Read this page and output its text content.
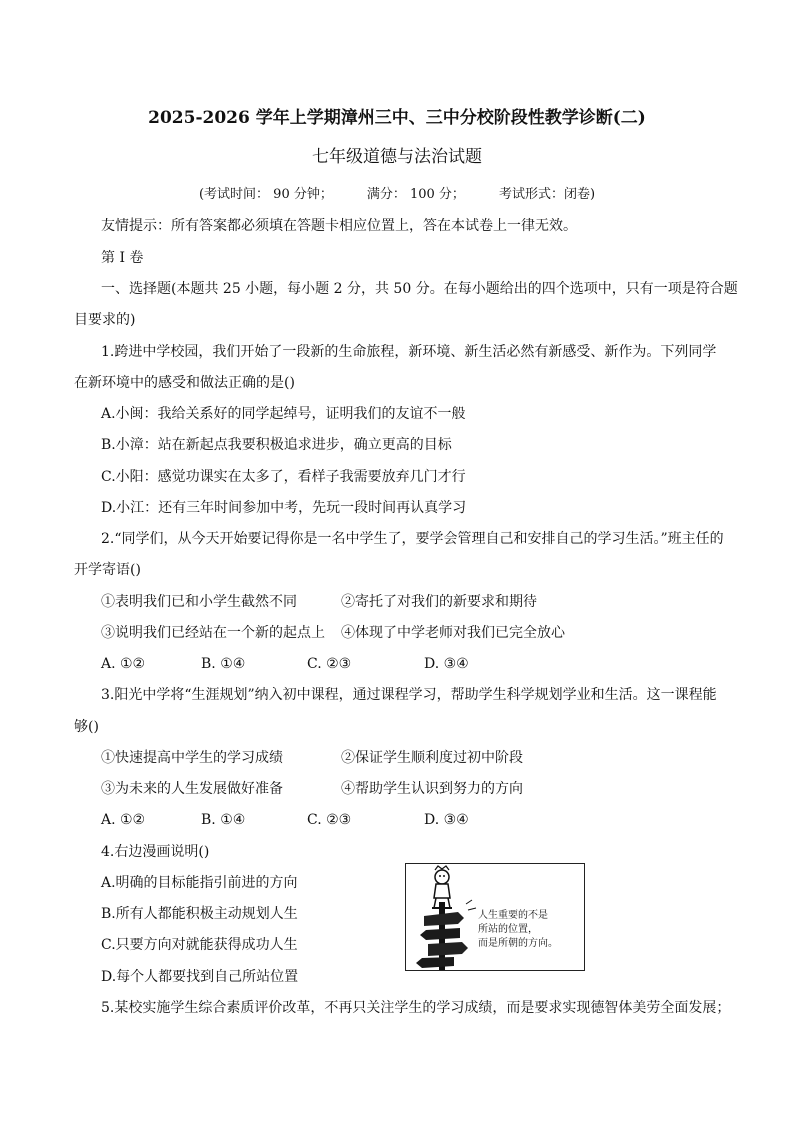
2025-2026 学年上学期漳州三中、三中分校阶段性教学诊断(二)
七年级道德与法治试题
(考试时间： 90 分钟；	满分： 100 分；	考试形式：闭卷)
友情提示：所有答案都必须填在答题卡相应位置上，答在本试卷上一律无效。
第 I 卷
一、选择题(本题共 25 小题，每小题 2 分，共 50 分。在每小题给出的四个选项中，只有一项是符合题
目要求的)
1.跨进中学校园，我们开始了一段新的生命旅程，新环境、新生活必然有新感受、新作为。下列同学
在新环境中的感受和做法正确的是()
A.小闽：我给关系好的同学起绰号，证明我们的友谊不一般
B.小漳：站在新起点我要积极追求进步，确立更高的目标
C.小阳：感觉功课实在太多了，看样子我需要放弃几门才行
D.小江：还有三年时间参加中考，先玩一段时间再认真学习
2.“同学们，从今天开始要记得你是一名中学生了，要学会管理自己和安排自己的学习生活。”班主任的
开学寄语()
①表明我们已和小学生截然不同	②寄托了对我们的新要求和期待
③说明我们已经站在一个新的起点上 ④体现了中学老师对我们已完全放心
A. ①②	B. ①④	C. ②③	D. ③④
3.阳光中学将“生涯规划”纳入初中课程，通过课程学习，帮助学生科学规划学业和生活。这一课程能
够()
①快速提高中学生的学习成绩	②保证学生顺利度过初中阶段
③为未来的人生发展做好准备	④帮助学生认识到努力的方向
A. ①②	B. ①④	C. ②③	D. ③④
4.右边漫画说明()
A.明确的目标能指引前进的方向
B.所有人都能积极主动规划人生
C.只要方向对就能获得成功人生
D.每个人都要找到自己所站位置
人生重要的不是
所站的位置，
而是所朝的方向。
5.某校实施学生综合素质评价改革，不再只关注学生的学习成绩，而是要求实现德智体美劳全面发展；
